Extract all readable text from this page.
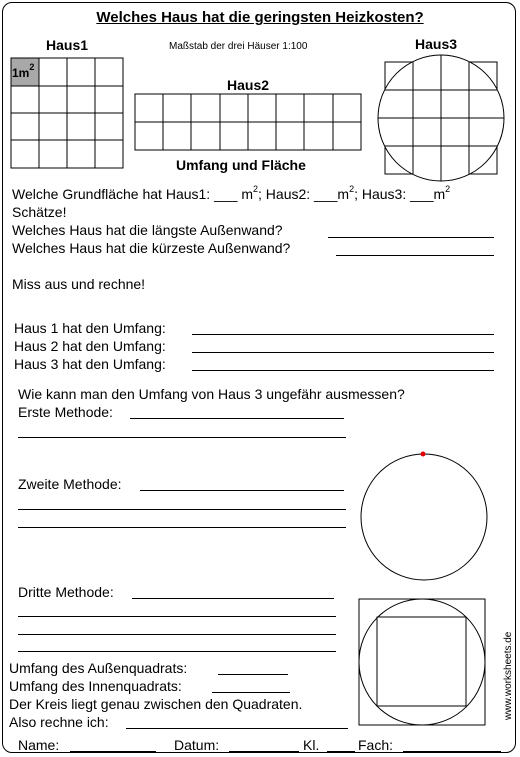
Welches Haus hat die geringsten Heizkosten?
Haus1	Maßstab der drei Häuser 1:100	Haus3
$1m^2$
Haus2
Umfang und Fläche
Welche Grundfläche hat Haus1: ___ $m^2$; Haus2: $\_\_\_m^2$; Haus3: $\_\_\_m^2$
Schätze!
Welches Haus hat die längste Außenwand?
Welches Haus hat die kürzeste Außenwand?
Miss aus und rechne!
Haus 1 hat den Umfang:
Haus 2 hat den Umfang:
Haus 3 hat den Umfang:
Wie kann man den Umfang von Haus 3 ungefähr ausmessen?
Erste Methode:
Zweite Methode:
Dritte Methode:
Umfang des Außenquadrats:
Umfang des Innenquadrats:
Der Kreis liegt genau zwischen den Quadraten.
Also rechne ich:
Name:	Datum:	Kl.	Fach:
www.worksheets.de
